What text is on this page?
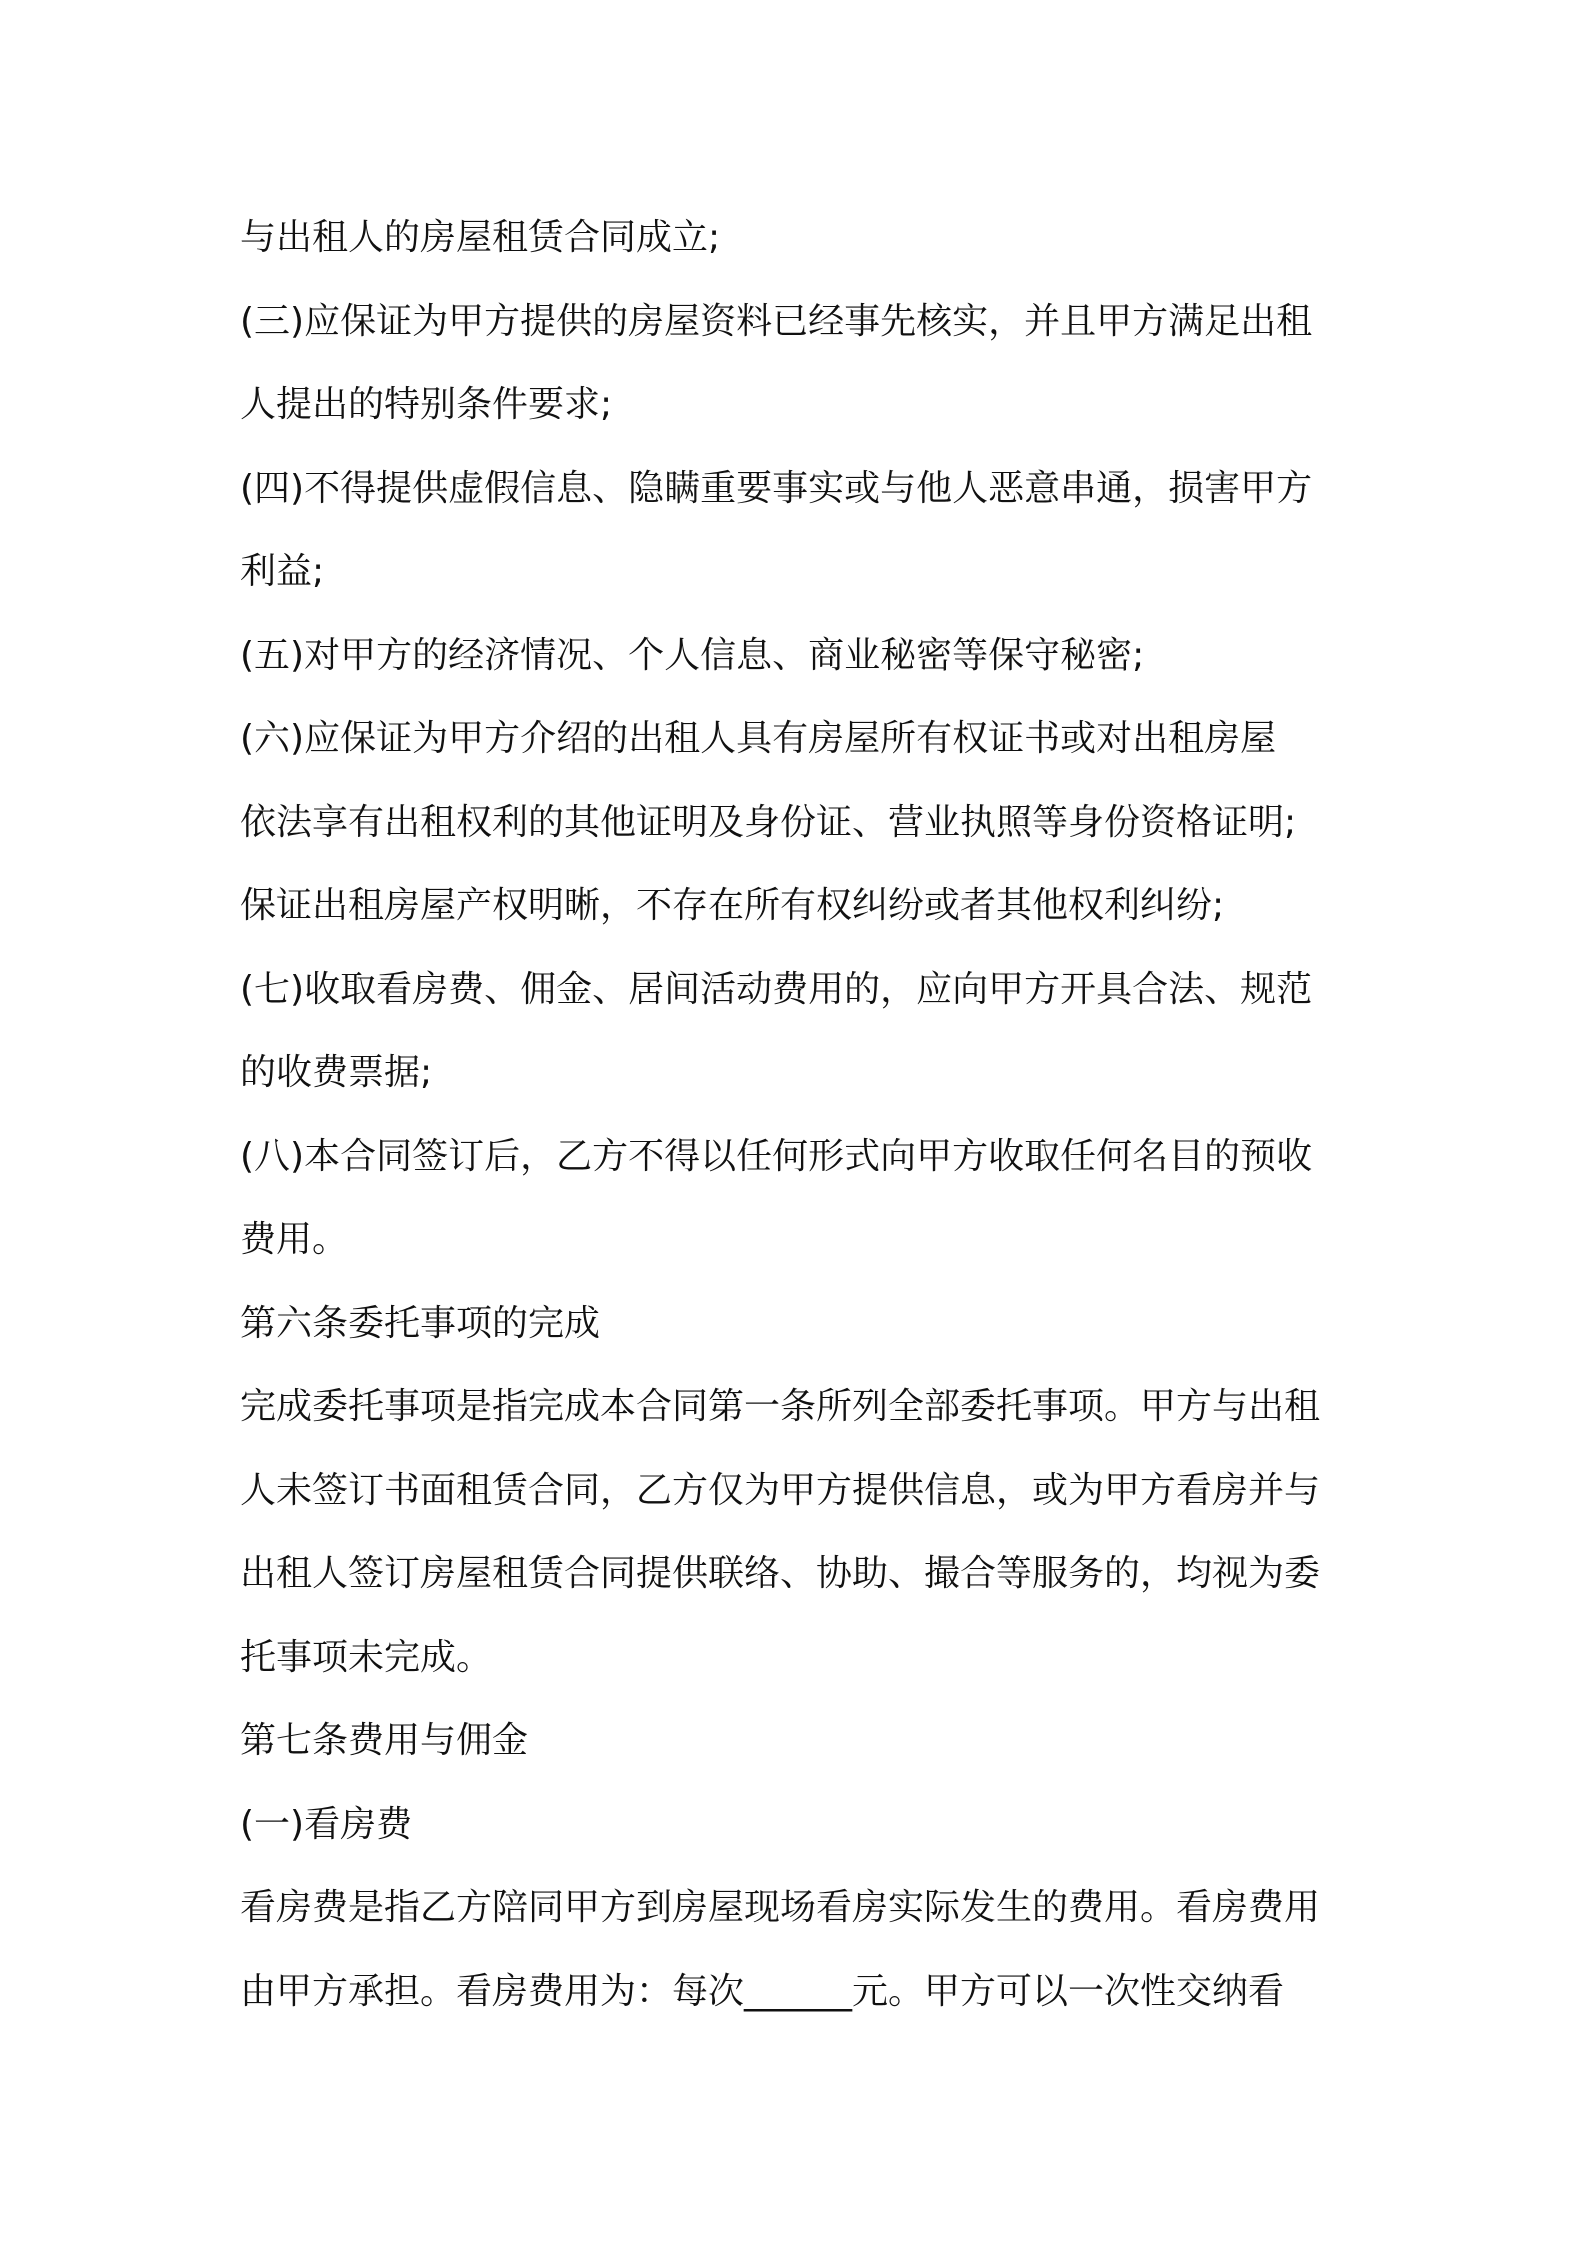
与出租人的房屋租赁合同成立;
(三)应保证为甲方提供的房屋资料已经事先核实，并且甲方满足出租
人提出的特别条件要求;
(四)不得提供虚假信息、隐瞒重要事实或与他人恶意串通，损害甲方
利益;
(五)对甲方的经济情况、个人信息、商业秘密等保守秘密;
(六)应保证为甲方介绍的出租人具有房屋所有权证书或对出租房屋
依法享有出租权利的其他证明及身份证、营业执照等身份资格证明;
保证出租房屋产权明晰，不存在所有权纠纷或者其他权利纠纷;
(七)收取看房费、佣金、居间活动费用的，应向甲方开具合法、规范
的收费票据;
(八)本合同签订后，乙方不得以任何形式向甲方收取任何名目的预收
费用。
第六条委托事项的完成
完成委托事项是指完成本合同第一条所列全部委托事项。甲方与出租
人未签订书面租赁合同，乙方仅为甲方提供信息，或为甲方看房并与
出租人签订房屋租赁合同提供联络、协助、撮合等服务的，均视为委
托事项未完成。
第七条费用与佣金
(一)看房费
看房费是指乙方陪同甲方到房屋现场看房实际发生的费用。看房费用
由甲方承担。看房费用为：每次______元。甲方可以一次性交纳看
